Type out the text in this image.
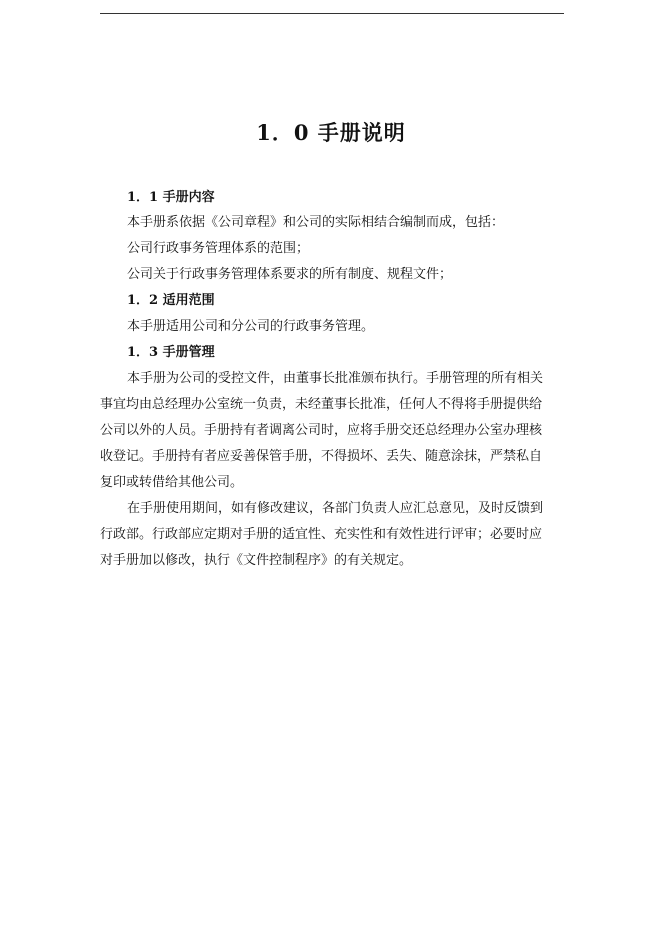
1．0 手册说明

1．1 手册内容

本手册系依据《公司章程》和公司的实际相结合编制而成，包括：

公司行政事务管理体系的范围；

公司关于行政事务管理体系要求的所有制度、规程文件；

1．2 适用范围

本手册适用公司和分公司的行政事务管理。

1．3 手册管理

本手册为公司的受控文件，由董事长批准颁布执行。手册管理的所有相关

事宜均由总经理办公室统一负责，未经董事长批准，任何人不得将手册提供给

公司以外的人员。手册持有者调离公司时，应将手册交还总经理办公室办理核

收登记。手册持有者应妥善保管手册，不得损坏、丢失、随意涂抹，严禁私自

复印或转借给其他公司。

在手册使用期间，如有修改建议，各部门负责人应汇总意见，及时反馈到

行政部。行政部应定期对手册的适宜性、充实性和有效性进行评审；必要时应

对手册加以修改，执行《文件控制程序》的有关规定。
